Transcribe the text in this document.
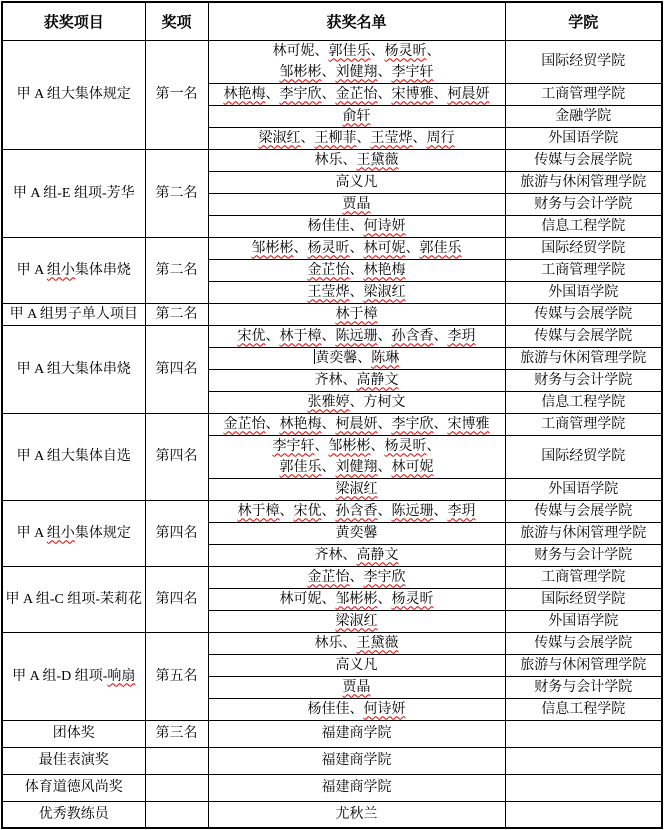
获奖项目	奖项	获奖名单	学院
甲 A 组大集体规定	第一名	林可妮、郭佳乐、杨灵昕、
邹彬彬、刘健翔、李宇轩	国际经贸学院

		林艳梅、李宇欣、金芷怡、宋博雅、柯晨妍	工商管理学院

		俞轩	金融学院

		梁淑红、王柳菲、王莹烨、周行	外国语学院
甲 A 组-E 组项-芳华	第二名	林乐、王黛薇	传媒与会展学院

		高义凡	旅游与休闲管理学院

		贾晶	财务与会计学院

		杨佳佳、何诗妍	信息工程学院
甲 A 组小集体串烧	第二名	邹彬彬、杨灵昕、林可妮、郭佳乐	国际经贸学院

		金芷怡、林艳梅	工商管理学院

		王莹烨、梁淑红	外国语学院
甲 A 组男子单人项目	第二名	林于樟	传媒与会展学院
甲 A 组大集体串烧	第四名	宋优、林于樟、陈远珊、孙含香、李玥	传媒与会展学院

		黄奕馨、陈琳	旅游与休闲管理学院

		齐林、高静文	财务与会计学院

		张雅婷、方柯文	信息工程学院
甲 A 组大集体自选	第四名	金芷怡、林艳梅、柯晨妍、李宇欣、宋博雅	工商管理学院

		李宇轩、邹彬彬、杨灵昕、
郭佳乐、刘健翔、林可妮	国际经贸学院

		梁淑红	外国语学院
甲 A 组小集体规定	第四名	林于樟、宋优、孙含香、陈远珊、李玥	传媒与会展学院

		黄奕馨	旅游与休闲管理学院

		齐林、高静文	财务与会计学院
甲 A 组-C 组项-茉莉花	第四名	金芷怡、李宇欣	工商管理学院

		林可妮、邹彬彬、杨灵昕	国际经贸学院

		梁淑红	外国语学院
甲 A 组-D 组项-响扇	第五名	林乐、王黛薇	传媒与会展学院

		高义凡	旅游与休闲管理学院

		贾晶	财务与会计学院

		杨佳佳、何诗妍	信息工程学院
团体奖	第三名	福建商学院	

最佳表演奖		福建商学院	

体育道德风尚奖		福建商学院	

优秀教练员		尤秋兰	
